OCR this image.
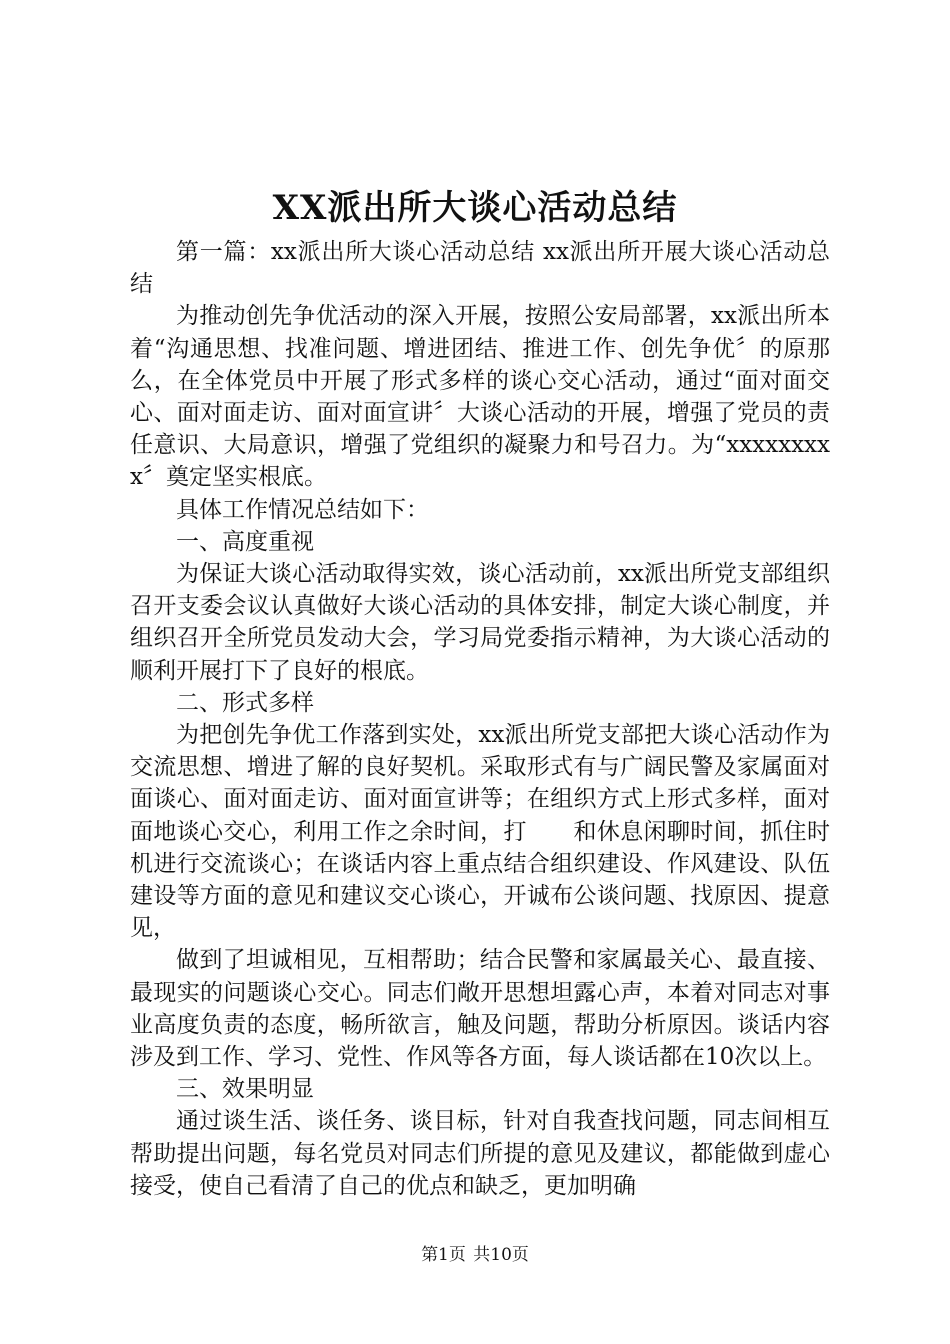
XX派出所大谈心活动总结

第一篇：xx派出所大谈心活动总结 xx派出所开展大谈心活动总结

为推动创先争优活动的深入开展，按照公安局部署，xx派出所本着“沟通思想、找准问题、增进团结、推进工作、创先争优〞的原那么，在全体党员中开展了形式多样的谈心交心活动，通过“面对面交心、面对面走访、面对面宣讲〞大谈心活动的开展，增强了党员的责任意识、大局意识，增强了党组织的凝聚力和号召力。为“xxxxxxxxx〞奠定坚实根底。

具体工作情况总结如下：

一、高度重视

为保证大谈心活动取得实效，谈心活动前，xx派出所党支部组织召开支委会议认真做好大谈心活动的具体安排，制定大谈心制度，并组织召开全所党员发动大会，学习局党委指示精神，为大谈心活动的顺利开展打下了良好的根底。

二、形式多样

为把创先争优工作落到实处，xx派出所党支部把大谈心活动作为交流思想、增进了解的良好契机。采取形式有与广阔民警及家属面对面谈心、面对面走访、面对面宣讲等；在组织方式上形式多样，面对面地谈心交心，利用工作之余时间，打　　和休息闲聊时间，抓住时机进行交流谈心；在谈话内容上重点结合组织建设、作风建设、队伍建设等方面的意见和建议交心谈心，开诚布公谈问题、找原因、提意见，

做到了坦诚相见，互相帮助；结合民警和家属最关心、最直接、最现实的问题谈心交心。同志们敞开思想坦露心声，本着对同志对事业高度负责的态度，畅所欲言，触及问题，帮助分析原因。谈话内容涉及到工作、学习、党性、作风等各方面，每人谈话都在10次以上。

三、效果明显

通过谈生活、谈任务、谈目标，针对自我查找问题，同志间相互帮助提出问题，每名党员对同志们所提的意见及建议，都能做到虚心接受，使自己看清了自己的优点和缺乏，更加明确

第1页 共10页
